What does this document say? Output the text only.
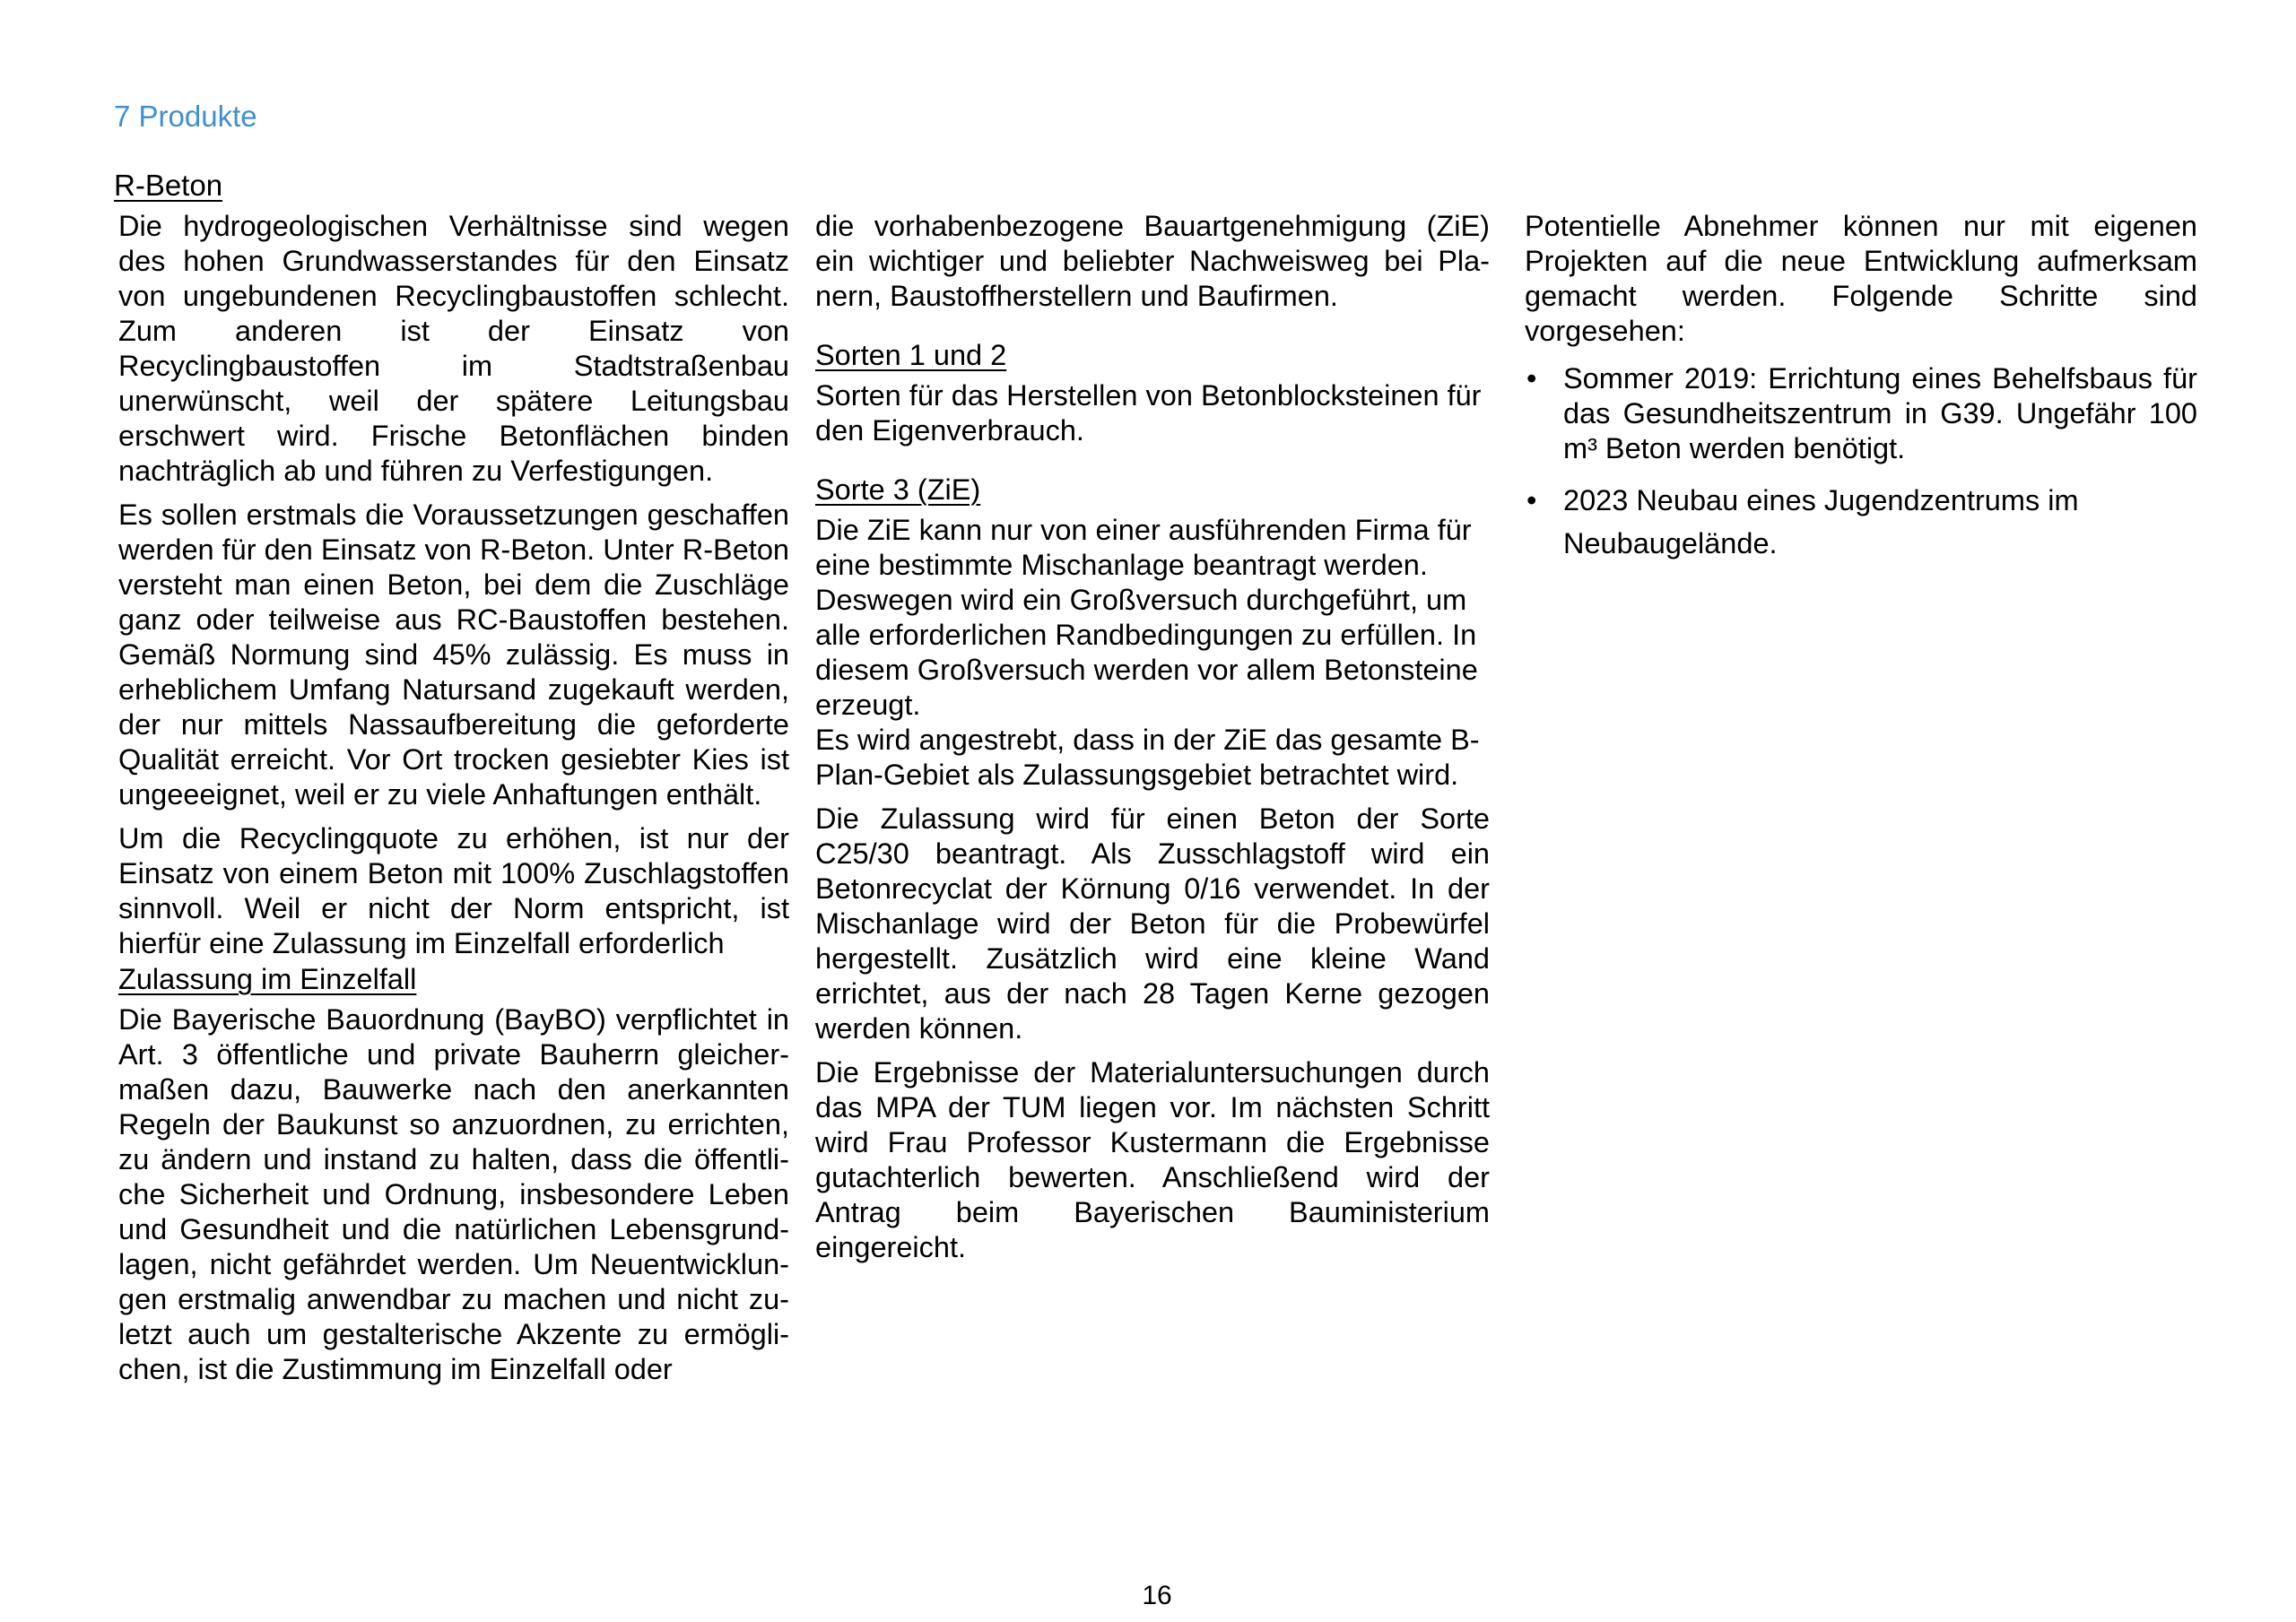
7 Produkte
R-Beton

Die hydrogeologischen Verhältnisse sind wegen des hohen Grundwasserstandes für den Einsatz von ungebundenen Recyclingbaustoffen schlecht. Zum anderen ist der Einsatz von Recyclingbaustoffen im Stadtstraßenbau unerwünscht, weil der spätere Leitungsbau erschwert wird. Frische Betonflächen binden nachträglich ab und führen zu Verfestigungen.

Es sollen erstmals die Voraussetzungen geschaffen werden für den Einsatz von R-Beton. Unter R-Beton versteht man einen Beton, bei dem die Zuschläge ganz oder teilweise aus RC-Baustoffen bestehen. Gemäß Normung sind 45% zulässig. Es muss in erheblichem Umfang Natursand zugekauft werden, der nur mittels Nassaufbereitung die geforderte Qualität erreicht. Vor Ort trocken gesiebter Kies ist ungeeeignet, weil er zu viele Anhaftungen enthält.

Um die Recyclingquote zu erhöhen, ist nur der Einsatz von einem Beton mit 100% Zuschlagstoffen sinnvoll. Weil er nicht der Norm entspricht, ist hierfür eine Zulassung im Einzelfall erforderlich

Zulassung im Einzelfall

Die Bayerische Bauordnung (BayBO) verpflichtet in Art. 3 öffentliche und private Bauherrn gleichermaßen dazu, Bauwerke nach den anerkannten Regeln der Baukunst so anzuordnen, zu errichten, zu ändern und instand zu halten, dass die öffentliche Sicherheit und Ordnung, insbesondere Leben und Gesundheit und die natürlichen Lebensgrundlagen, nicht gefährdet werden. Um Neuentwicklungen erstmalig anwendbar zu machen und nicht zuletzt auch um gestalterische Akzente zu ermöglichen, ist die Zustimmung im Einzelfall oder

die vorhabenbezogene Bauartgenehmigung (ZiE) ein wichtiger und beliebter Nachweisweg bei Planern, Baustoffherstellern und Baufirmen.

Sorten 1 und 2

Sorten für das Herstellen von Betonblocksteinen für den Eigenverbrauch.

Sorte 3 (ZiE)

Die ZiE kann nur von einer ausführenden Firma für eine bestimmte Mischanlage beantragt werden. Deswegen wird ein Großversuch durchgeführt, um alle erforderlichen Randbedingungen zu erfüllen. In diesem Großversuch werden vor allem Betonsteine erzeugt.

Es wird angestrebt, dass in der ZiE das gesamte B-Plan-Gebiet als Zulassungsgebiet betrachtet wird.

Die Zulassung wird für einen Beton der Sorte C25/30 beantragt. Als Zusschlagstoff wird ein Betonrecyclat der Körnung 0/16 verwendet. In der Mischanlage wird der Beton für die Probewürfel hergestellt. Zusätzlich wird eine kleine Wand errichtet, aus der nach 28 Tagen Kerne gezogen werden können.

Die Ergebnisse der Materialuntersuchungen durch das MPA der TUM liegen vor. Im nächsten Schritt wird Frau Professor Kustermann die Ergebnisse gutachterlich bewerten. Anschließend wird der Antrag beim Bayerischen Bauministerium eingereicht.

Potentielle Abnehmer können nur mit eigenen Projekten auf die neue Entwicklung aufmerksam gemacht werden. Folgende Schritte sind vorgesehen:

• Sommer 2019: Errichtung eines Behelfsbaus für das Gesundheitszentrum in G39. Ungefähr 100 m³ Beton werden benötigt.
• 2023 Neubau eines Jugendzentrums im Neubaugelände.
16
